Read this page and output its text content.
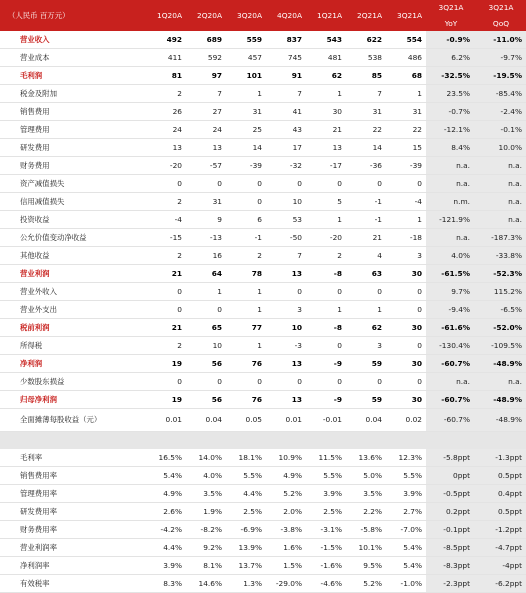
（人民币 百万元）	1Q20A	2Q20A	3Q20A	4Q20A	1Q21A	2Q21A	3Q21A	3Q21A	3Q21A
								YoY	QoQ
营业收入	492	689	559	837	543	622	554	-0.9%	-11.0%
营业成本	411	592	457	745	481	538	486	6.2%	-9.7%
毛利润	81	97	101	91	62	85	68	-32.5%	-19.5%
税金及附加	2	7	1	7	1	7	1	23.5%	-85.4%
销售费用	26	27	31	41	30	31	31	-0.7%	-2.4%
管理费用	24	24	25	43	21	22	22	-12.1%	-0.1%
研发费用	13	13	14	17	13	14	15	8.4%	10.0%
财务费用	-20	-57	-39	-32	-17	-36	-39	n.a.	n.a.
资产减值损失	0	0	0	0	0	0	0	n.a.	n.a.
信用减值损失	2	31	0	10	5	-1	-4	n.m.	n.a.
投资收益	-4	9	6	53	1	-1	1	-121.9%	n.a.
公允价值变动净收益	-15	-13	-1	-50	-20	21	-18	n.a.	-187.3%
其他收益	2	16	2	7	2	4	3	4.0%	-33.8%
营业利润	21	64	78	13	-8	63	30	-61.5%	-52.3%
营业外收入	0	1	1	0	0	0	0	9.7%	115.2%
营业外支出	0	0	1	3	1	1	0	-9.4%	-6.5%
税前利润	21	65	77	10	-8	62	30	-61.6%	-52.0%
所得税	2	10	1	-3	0	3	0	-130.4%	-109.5%
净利润	19	56	76	13	-9	59	30	-60.7%	-48.9%
少数股东损益	0	0	0	0	0	0	0	n.a.	n.a.
归母净利润	19	56	76	13	-9	59	30	-60.7%	-48.9%
全面摊薄每股收益（元）	0.01	0.04	0.05	0.01	-0.01	0.04	0.02	-60.7%	-48.9%

毛利率	16.5%	14.0%	18.1%	10.9%	11.5%	13.6%	12.3%	-5.8ppt	-1.3ppt
销售费用率	5.4%	4.0%	5.5%	4.9%	5.5%	5.0%	5.5%	0ppt	0.5ppt
管理费用率	4.9%	3.5%	4.4%	5.2%	3.9%	3.5%	3.9%	-0.5ppt	0.4ppt
研发费用率	2.6%	1.9%	2.5%	2.0%	2.5%	2.2%	2.7%	0.2ppt	0.5ppt
财务费用率	-4.2%	-8.2%	-6.9%	-3.8%	-3.1%	-5.8%	-7.0%	-0.1ppt	-1.2ppt
营业利润率	4.4%	9.2%	13.9%	1.6%	-1.5%	10.1%	5.4%	-8.5ppt	-4.7ppt
净利润率	3.9%	8.1%	13.7%	1.5%	-1.6%	9.5%	5.4%	-8.3ppt	-4ppt
有效税率	8.3%	14.6%	1.3%	-29.0%	-4.6%	5.2%	-1.0%	-2.3ppt	-6.2ppt
